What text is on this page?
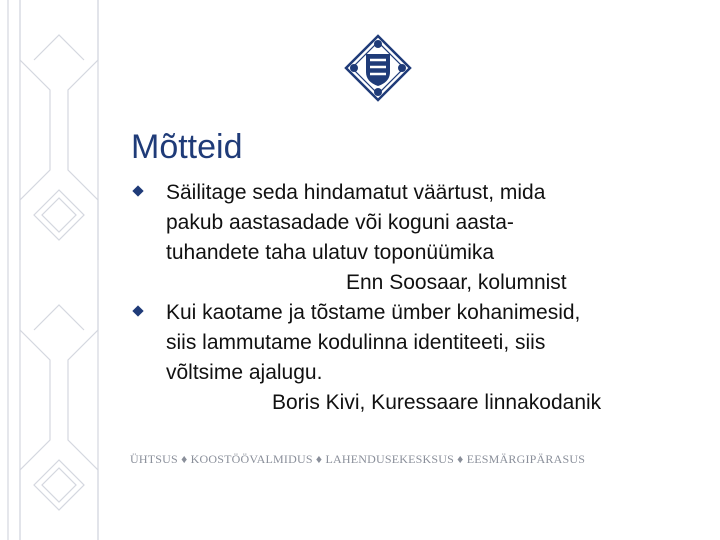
Mõtteid
Säilitage seda hindamatut väärtust, mida
pakub aastasadade või koguni aasta-
tuhandete taha ulatuv toponüümika
Enn Soosaar, kolumnist
Kui kaotame ja tõstame ümber kohanimesid,
siis lammutame kodulinna identiteeti, siis
võltsime ajalugu.
Boris Kivi, Kuressaare linnakodanik

ÜHTSUS ♦ KOOSTÖÖVALMIDUS ♦ LAHENDUSEKESKSUS ♦ EESMÄRGIPÄRASUS
